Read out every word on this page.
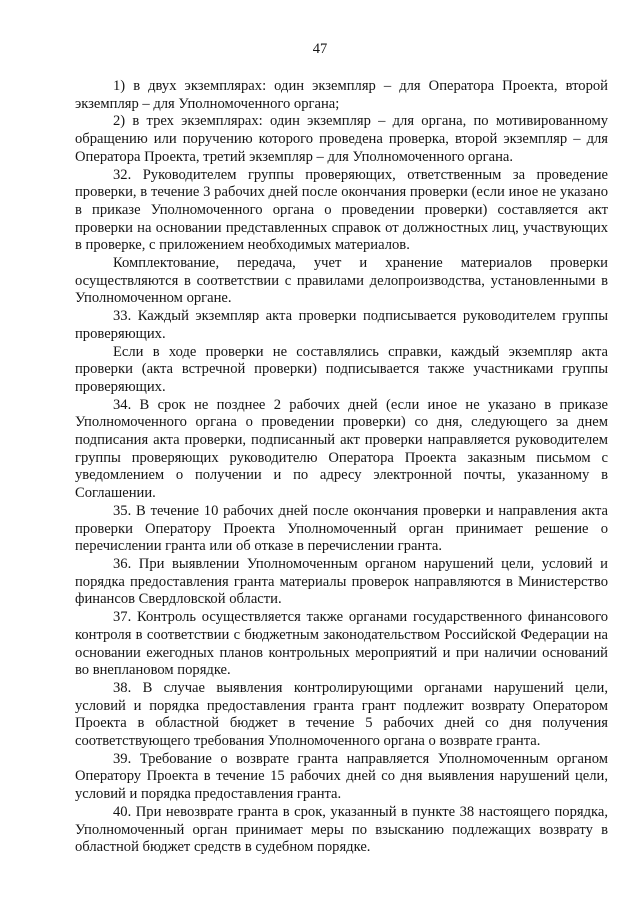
47

1) в двух экземплярах: один экземпляр – для Оператора Проекта, второй экземпляр – для Уполномоченного органа;

2) в трех экземплярах: один экземпляр – для органа, по мотивированному обращению или поручению которого проведена проверка, второй экземпляр – для Оператора Проекта, третий экземпляр – для Уполномоченного органа.

32. Руководителем группы проверяющих, ответственным за проведение проверки, в течение 3 рабочих дней после окончания проверки (если иное не указано в приказе Уполномоченного органа о проведении проверки) составляется акт проверки на основании представленных справок от должностных лиц, участвующих в проверке, с приложением необходимых материалов.

Комплектование, передача, учет и хранение материалов проверки осуществляются в соответствии с правилами делопроизводства, установленными в Уполномоченном органе.

33. Каждый экземпляр акта проверки подписывается руководителем группы проверяющих.

Если в ходе проверки не составлялись справки, каждый экземпляр акта проверки (акта встречной проверки) подписывается также участниками группы проверяющих.

34. В срок не позднее 2 рабочих дней (если иное не указано в приказе Уполномоченного органа о проведении проверки) со дня, следующего за днем подписания акта проверки, подписанный акт проверки направляется руководителем группы проверяющих руководителю Оператора Проекта заказным письмом с уведомлением о получении и по адресу электронной почты, указанному в Соглашении.

35. В течение 10 рабочих дней после окончания проверки и направления акта проверки Оператору Проекта Уполномоченный орган принимает решение о перечислении гранта или об отказе в перечислении гранта.

36. При выявлении Уполномоченным органом нарушений цели, условий и порядка предоставления гранта материалы проверок направляются в Министерство финансов Свердловской области.

37. Контроль осуществляется также органами государственного финансового контроля в соответствии с бюджетным законодательством Российской Федерации на основании ежегодных планов контрольных мероприятий и при наличии оснований во внеплановом порядке.

38. В случае выявления контролирующими органами нарушений цели, условий и порядка предоставления гранта грант подлежит возврату Оператором Проекта в областной бюджет в течение 5 рабочих дней со дня получения соответствующего требования Уполномоченного органа о возврате гранта.

39. Требование о возврате гранта направляется Уполномоченным органом Оператору Проекта в течение 15 рабочих дней со дня выявления нарушений цели, условий и порядка предоставления гранта.

40. При невозврате гранта в срок, указанный в пункте 38 настоящего порядка, Уполномоченный орган принимает меры по взысканию подлежащих возврату в областной бюджет средств в судебном порядке.
